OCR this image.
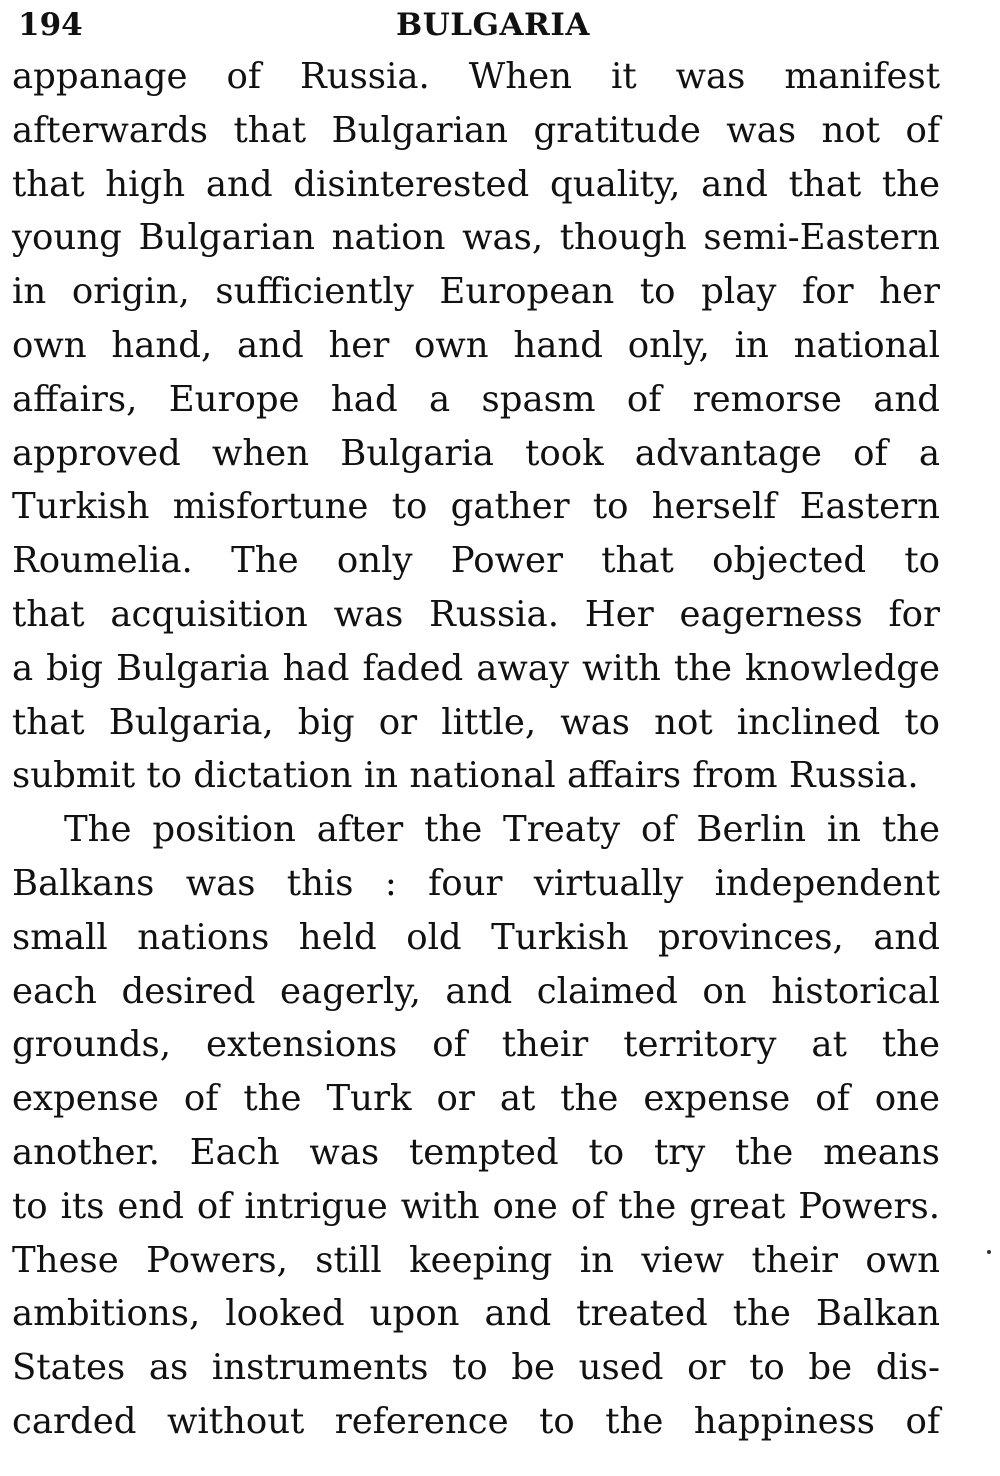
194	BULGARIA
appanage of Russia. When it was manifest
afterwards that Bulgarian gratitude was not of
that high and disinterested quality, and that the
young Bulgarian nation was, though semi-Eastern
in origin, sufficiently European to play for her
own hand, and her own hand only, in national
affairs, Europe had a spasm of remorse and
approved when Bulgaria took advantage of a
Turkish misfortune to gather to herself Eastern
Roumelia. The only Power that objected to
that acquisition was Russia. Her eagerness for
a big Bulgaria had faded away with the knowledge
that Bulgaria, big or little, was not inclined to
submit to dictation in national affairs from Russia.
The position after the Treaty of Berlin in the
Balkans was this : four virtually independent
small nations held old Turkish provinces, and
each desired eagerly, and claimed on historical
grounds, extensions of their territory at the
expense of the Turk or at the expense of one
another. Each was tempted to try the means
to its end of intrigue with one of the great Powers.
These Powers, still keeping in view their own
ambitions, looked upon and treated the Balkan
States as instruments to be used or to be dis-
carded without reference to the happiness of
